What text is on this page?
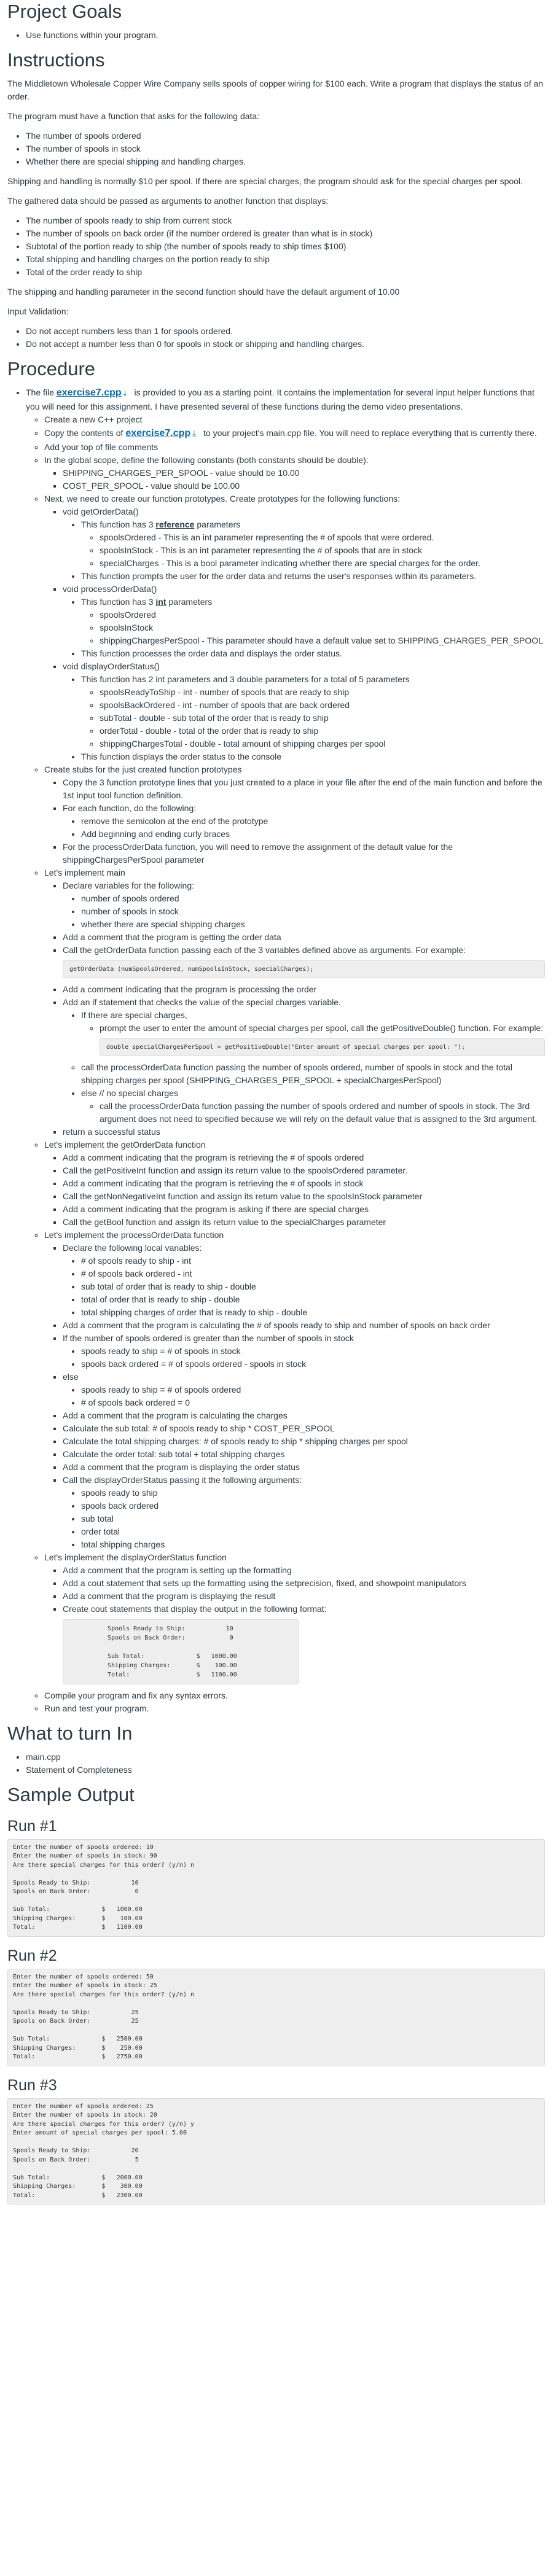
Project Goals
• Use functions within your program.
Instructions

The Middletown Wholesale Copper Wire Company sells spools of copper wiring for $100 each. Write a program that displays the status of an order.

The program must have a function that asks for the following data:

• The number of spools ordered
• The number of spools in stock
• Whether there are special shipping and handling charges.

Shipping and handling is normally $10 per spool. If there are special charges, the program should ask for the special charges per spool.

The gathered data should be passed as arguments to another function that displays:

• The number of spools ready to ship from current stock
• The number of spools on back order (if the number ordered is greater than what is in stock)
• Subtotal of the portion ready to ship (the number of spools ready to ship times $100)
• Total shipping and handling charges on the portion ready to ship
• Total of the order ready to ship

The shipping and handling parameter in the second function should have the default argument of 10.00

Input Validation:

• Do not accept numbers less than 1 for spools ordered.
• Do not accept a number less than 0 for spools in stock or shipping and handling charges.
Procedure
• The file exercise7.cpp ⤓ is provided to you as a starting point. It contains the implementation for several input helper functions that you will need for this assignment. I have presented several of these functions during the demo video presentations.
◦ Create a new C++ project
◦ Copy the contents of exercise7.cpp ⤓ to your project's main.cpp file. You will need to replace everything that is currently there.
◦ Add your top of file comments
◦ In the global scope, define the following constants (both constants should be double):
▪ SHIPPING_CHARGES_PER_SPOOL - value should be 10.00
▪ COST_PER_SPOOL - value should be 100.00
◦ Next, we need to create our function prototypes. Create prototypes for the following functions:
▪ void getOrderData()
• This function has 3 reference parameters
◦ spoolsOrdered - This is an int parameter representing the # of spools that were ordered.
◦ spoolsInStock - This is an int parameter representing the # of spools that are in stock
◦ specialCharges - This is a bool parameter indicating whether there are special charges for the order.
• This function prompts the user for the order data and returns the user's responses within its parameters.
▪ void processOrderData()
• This function has 3 int parameters
◦ spoolsOrdered
◦ spoolsInStock
◦ shippingChargesPerSpool - This parameter should have a default value set to SHIPPING_CHARGES_PER_SPOOL
• This function processes the order data and displays the order status.
▪ void displayOrderStatus()
• This function has 2 int parameters and 3 double parameters for a total of 5 parameters
◦ spoolsReadyToShip - int - number of spools that are ready to ship
◦ spoolsBackOrdered - int - number of spools that are back ordered
◦ subTotal - double - sub total of the order that is ready to ship
◦ orderTotal - double - total of the order that is ready to ship
◦ shippingChargesTotal - double - total amount of shipping charges per spool
• This function displays the order status to the console
◦ Create stubs for the just created function prototypes
▪ Copy the 3 function prototype lines that you just created to a place in your file after the end of the main function and before the 1st input tool function definition.
▪ For each function, do the following:
• remove the semicolon at the end of the prototype
• Add beginning and ending curly braces
▪ For the processOrderData function, you will need to remove the assignment of the default value for the shippingChargesPerSpool parameter
◦ Let's implement main
▪ Declare variables for the following:
• number of spools ordered
• number of spools in stock
• whether there are special shipping charges
▪ Add a comment that the program is getting the order data
▪ Call the getOrderData function passing each of the 3 variables defined above as arguments. For example:
getOrderData (numSpoolsOrdered, numSpoolsInStock, specialCharges);
▪ Add a comment indicating that the program is processing the order
▪ Add an if statement that checks the value of the special charges variable.
• If there are special charges,
◦ prompt the user to enter the amount of special charges per spool, call the getPositiveDouble() function. For example:
double specialChargesPerSpool = getPositiveDouble("Enter amount of special charges per spool: ");
◦ call the processOrderData function passing the number of spools ordered, number of spools in stock and the total shipping charges per spool (SHIPPING_CHARGES_PER_SPOOL + specialChargesPerSpool)
• else // no special charges
◦ call the processOrderData function passing the number of spools ordered and number of spools in stock. The 3rd argument does not need to specified because we will rely on the default value that is assigned to the 3rd argument.
▪ return a successful status
◦ Let's implement the getOrderData function
▪ Add a comment indicating that the program is retrieving the # of spools ordered
▪ Call the getPositiveInt function and assign its return value to the spoolsOrdered parameter.
▪ Add a comment indicating that the program is retrieving the # of spools in stock
▪ Call the getNonNegativeInt function and assign its return value to the spoolsInStock parameter
▪ Add a comment indicating that the program is asking if there are special charges
▪ Call the getBool function and assign its return value to the specialCharges parameter
◦ Let's implement the processOrderData function
▪ Declare the following local variables:
• # of spools ready to ship - int
• # of spools back ordered - int
• sub total of order that is ready to ship - double
• total of order that is ready to ship - double
• total shipping charges of order that is ready to ship - double
▪ Add a comment that the program is calculating the # of spools ready to ship and number of spools on back order
▪ If the number of spools ordered is greater than the number of spools in stock
• spools ready to ship = # of spools in stock
• spools back ordered = # of spools ordered - spools in stock
▪ else
• spools ready to ship = # of spools ordered
• # of spools back ordered = 0
▪ Add a comment that the program is calculating the charges
▪ Calculate the sub total: # of spools ready to ship * COST_PER_SPOOL
▪ Calculate the total shipping charges: # of spools ready to ship * shipping charges per spool
▪ Calculate the order total: sub total + total shipping charges
▪ Add a comment that the program is displaying the order status
▪ Call the displayOrderStatus passing it the following arguments:
• spools ready to ship
• spools back ordered
• sub total
• order total
• total shipping charges
◦ Let's implement the displayOrderStatus function
▪ Add a comment that the program is setting up the formatting
▪ Add a cout statement that sets up the formatting using the setprecision, fixed, and showpoint manipulators
▪ Add a comment that the program is displaying the result
▪ Create cout statements that display the output in the following format:
Spools Ready to Ship:           10
Spools on Back Order:            0

Sub Total:              $   1000.00
Shipping Charges:       $    100.00
Total:                  $   1100.00
◦ Compile your program and fix any syntax errors.
◦ Run and test your program.
What to turn In
• main.cpp
• Statement of Completeness
Sample Output
Run #1
Enter the number of spools ordered: 10
Enter the number of spools in stock: 90
Are there special charges for this order? (y/n) n

Spools Ready to Ship:           10
Spools on Back Order:            0

Sub Total:              $   1000.00
Shipping Charges:       $    100.00
Total:                  $   1100.00
Run #2
Enter the number of spools ordered: 50
Enter the number of spools in stock: 25
Are there special charges for this order? (y/n) n

Spools Ready to Ship:           25
Spools on Back Order:           25

Sub Total:              $   2500.00
Shipping Charges:       $    250.00
Total:                  $   2750.00
Run #3
Enter the number of spools ordered: 25
Enter the number of spools in stock: 20
Are there special charges for this order? (y/n) y
Enter amount of special charges per spool: 5.00

Spools Ready to Ship:           20
Spools on Back Order:            5

Sub Total:              $   2000.00
Shipping Charges:       $    300.00
Total:                  $   2300.00
